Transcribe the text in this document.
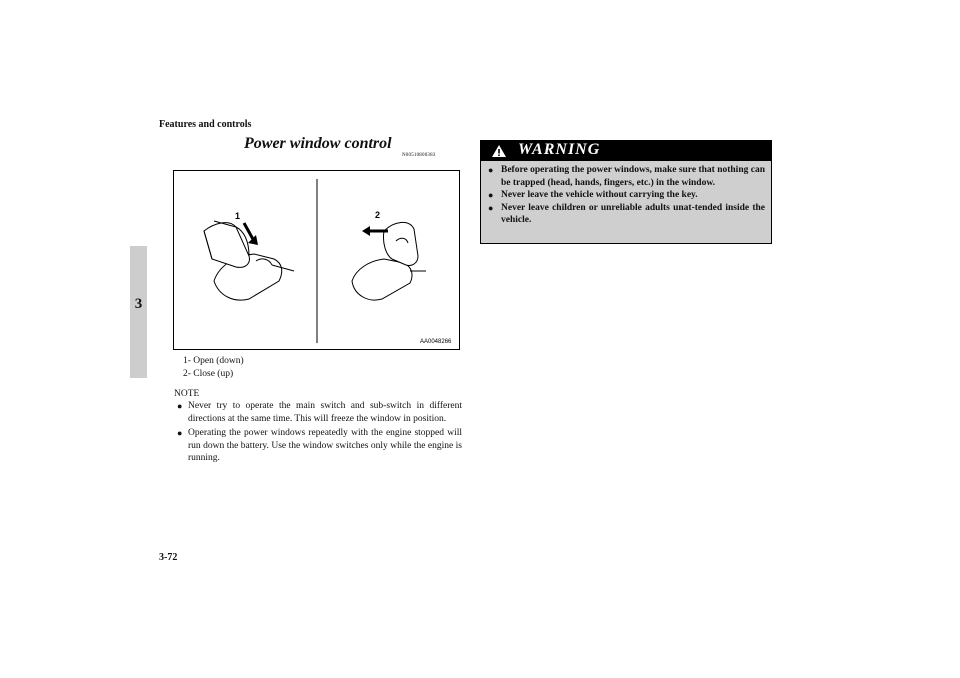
Features and controls
3
Power window control
N00510800383
1	2
AA0048266
1- Open (down)
2- Close (up)
NOTE
● Never try to operate the main switch and sub-switch in different directions at the same time. This will freeze the window in position.
● Operating the power windows repeatedly with the engine stopped will run down the battery. Use the window switches only while the engine is running.
WARNING
● Before operating the power windows, make sure that nothing can be trapped (head, hands, fingers, etc.) in the window.
● Never leave the vehicle without carrying the key.
● Never leave children or unreliable adults unat-tended inside the vehicle.
3-72
